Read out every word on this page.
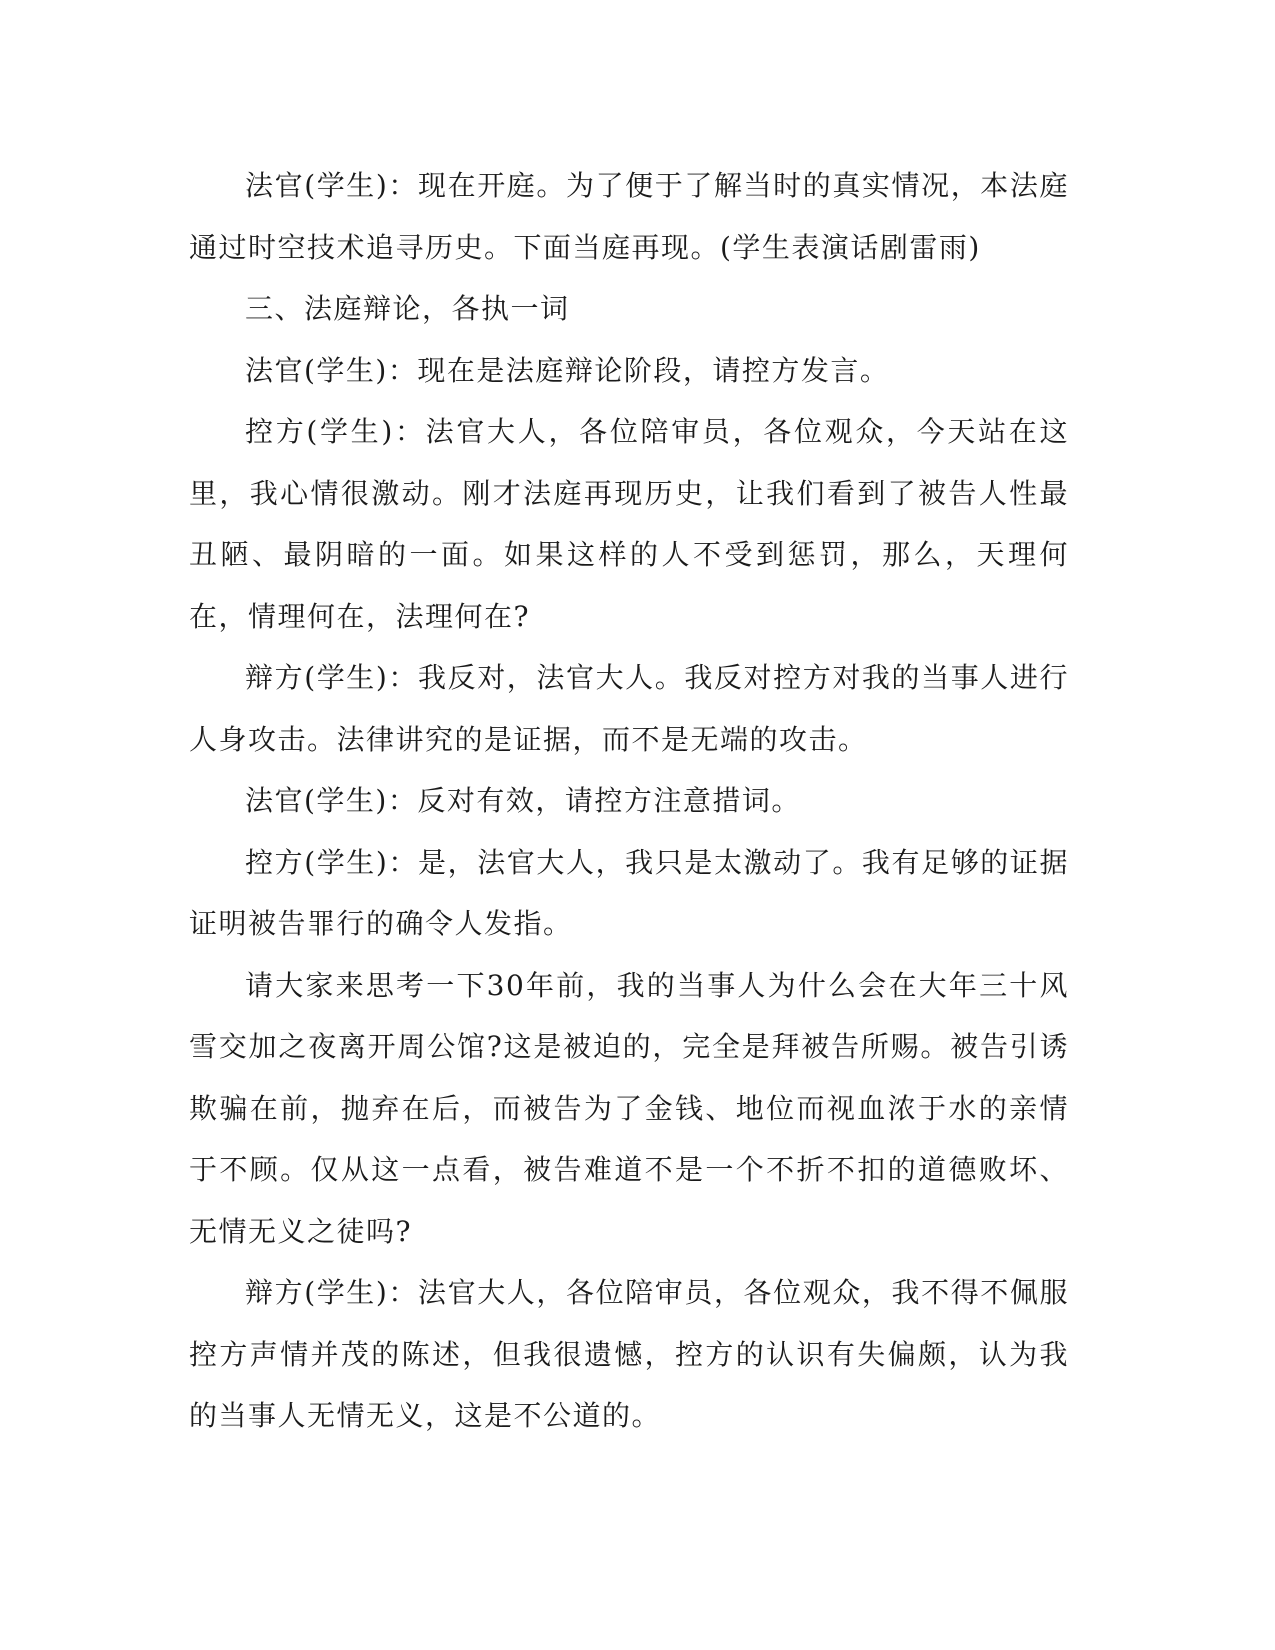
法官(学生)：现在开庭。为了便于了解当时的真实情况，本法庭通过时空技术追寻历史。下面当庭再现。(学生表演话剧雷雨)

三、法庭辩论，各执一词

法官(学生)：现在是法庭辩论阶段，请控方发言。

控方(学生)：法官大人，各位陪审员，各位观众，今天站在这里，我心情很激动。刚才法庭再现历史，让我们看到了被告人性最丑陋、最阴暗的一面。如果这样的人不受到惩罚，那么，天理何在，情理何在，法理何在?

辩方(学生)：我反对，法官大人。我反对控方对我的当事人进行人身攻击。法律讲究的是证据，而不是无端的攻击。

法官(学生)：反对有效，请控方注意措词。

控方(学生)：是，法官大人，我只是太激动了。我有足够的证据证明被告罪行的确令人发指。

请大家来思考一下30年前，我的当事人为什么会在大年三十风雪交加之夜离开周公馆?这是被迫的，完全是拜被告所赐。被告引诱欺骗在前，抛弃在后，而被告为了金钱、地位而视血浓于水的亲情于不顾。仅从这一点看，被告难道不是一个不折不扣的道德败坏、无情无义之徒吗?

辩方(学生)：法官大人，各位陪审员，各位观众，我不得不佩服控方声情并茂的陈述，但我很遗憾，控方的认识有失偏颇，认为我的当事人无情无义，这是不公道的。
